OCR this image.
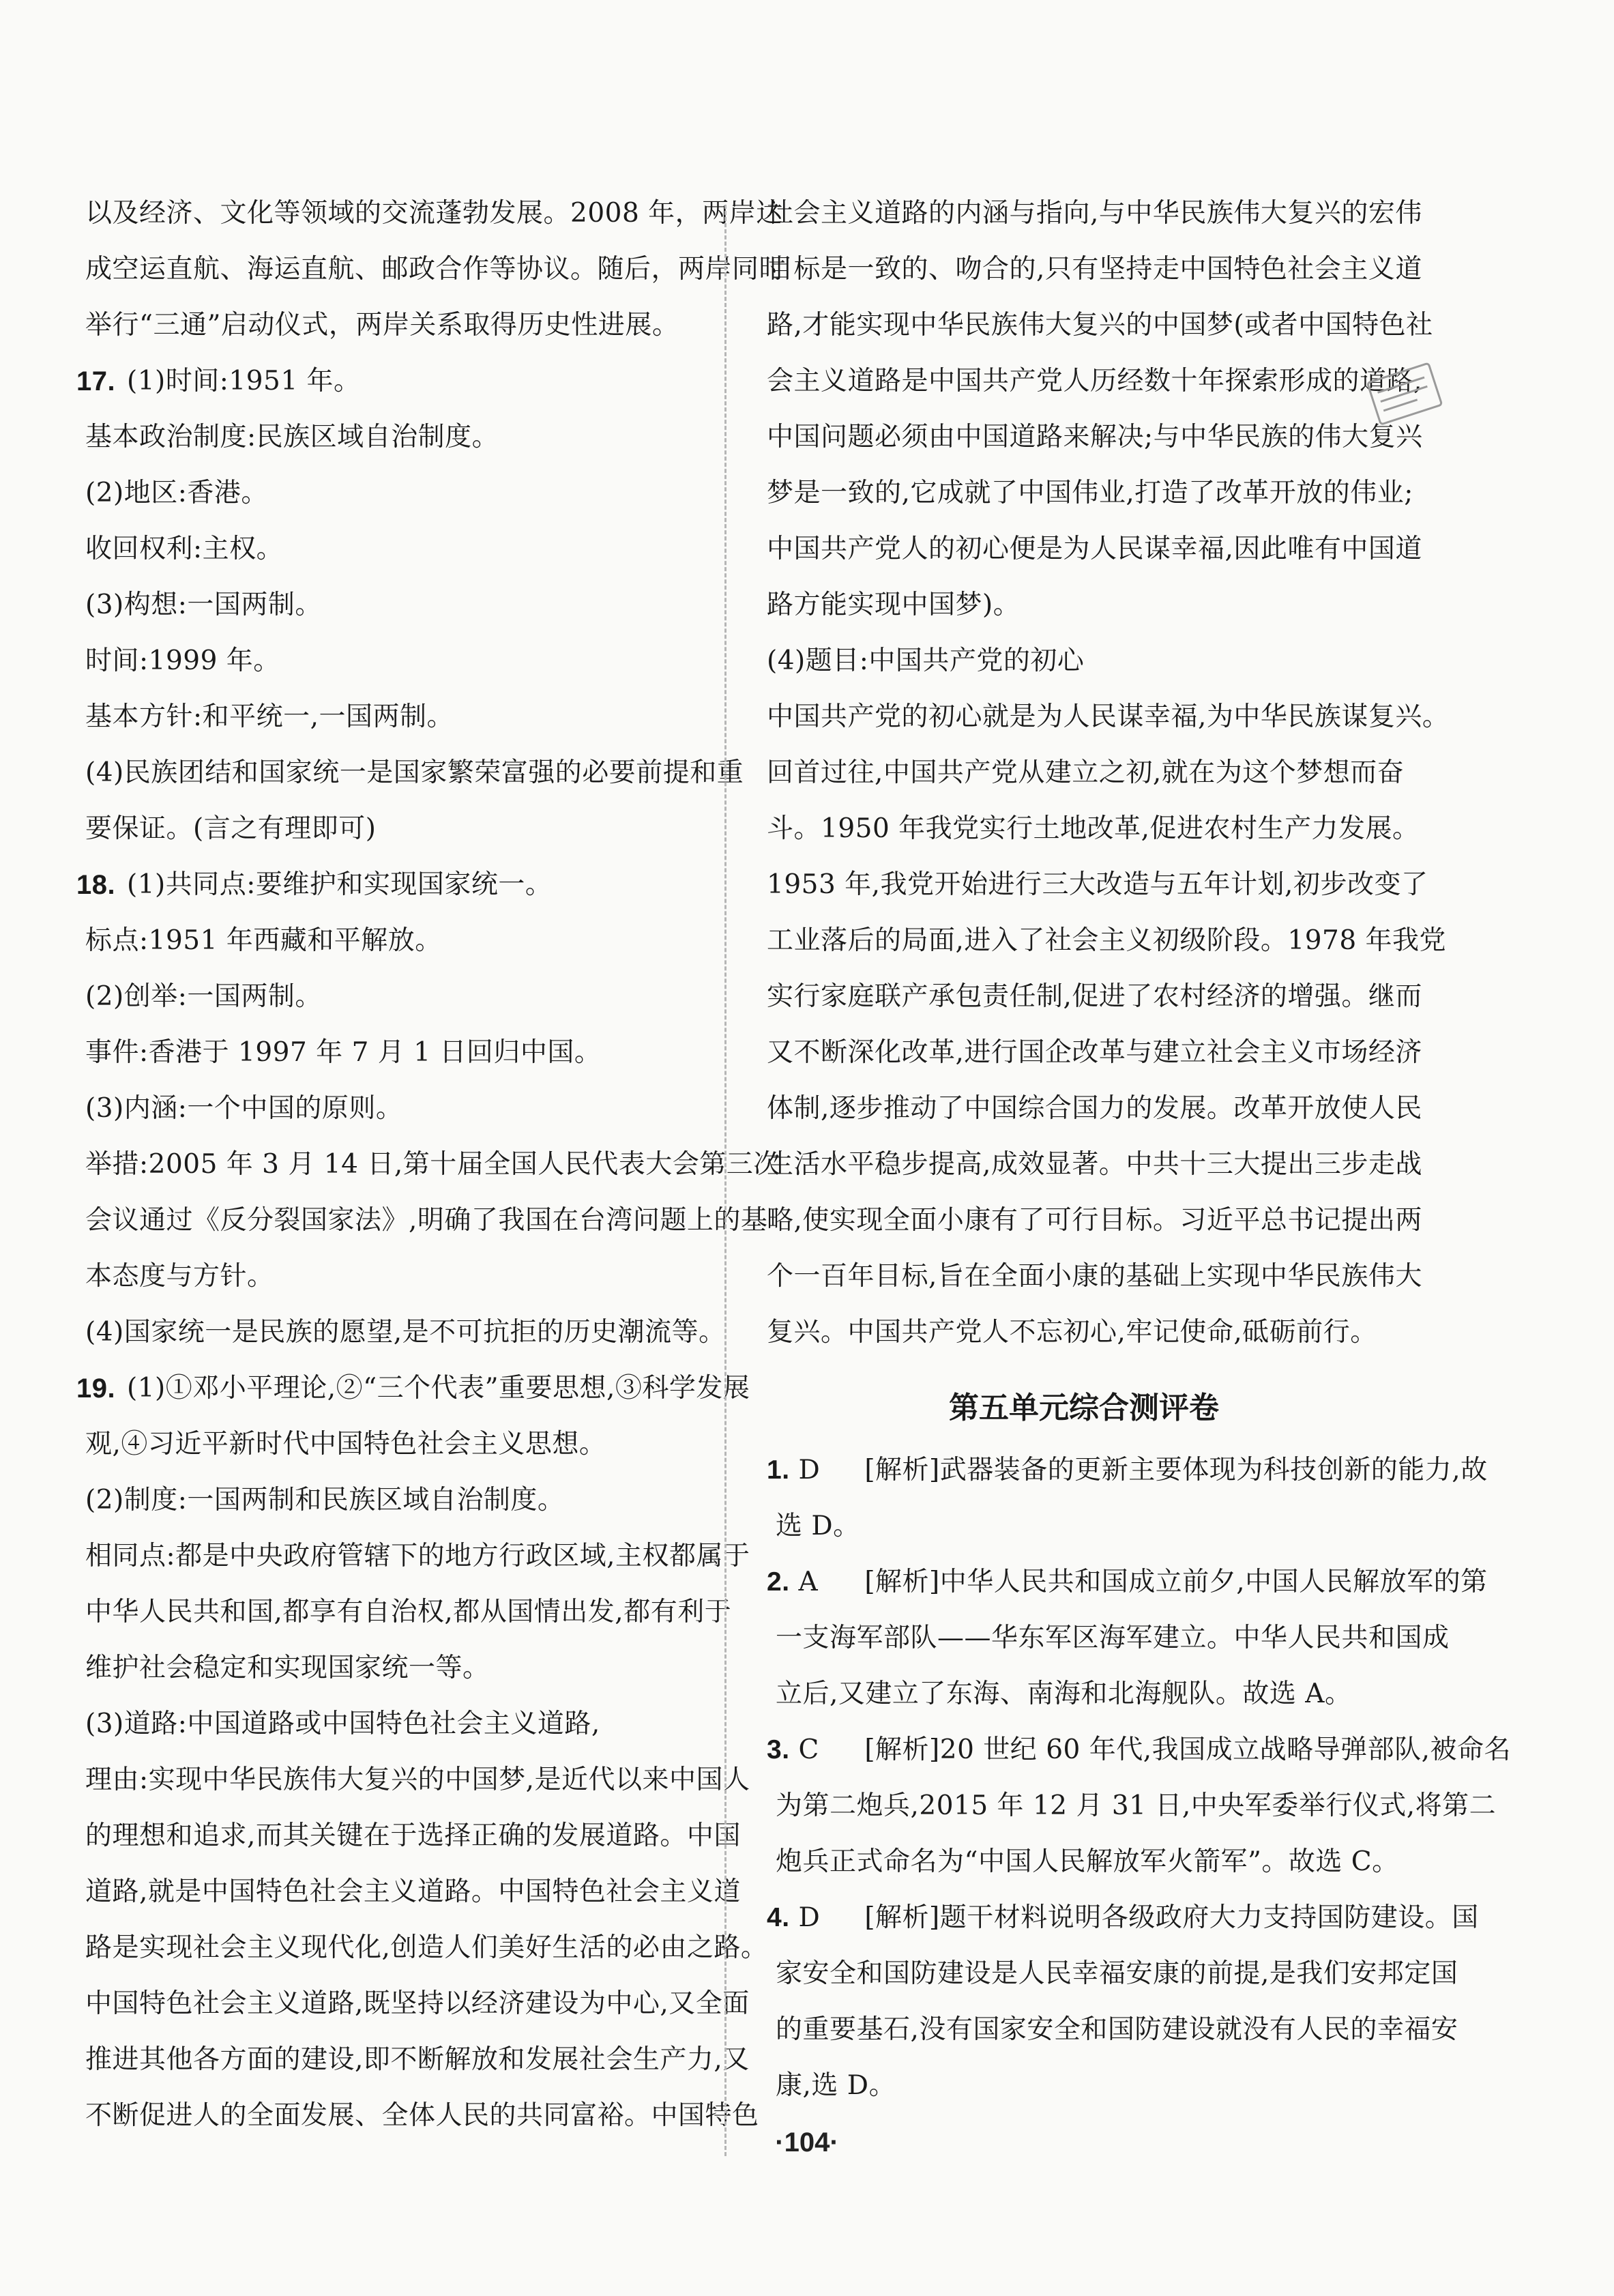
以及经济、文化等领域的交流蓬勃发展。2008 年，两岸达
成空运直航、海运直航、邮政合作等协议。随后，两岸同时
举行“三通”启动仪式，两岸关系取得历史性进展。
17. (1)时间:1951 年。
基本政治制度:民族区域自治制度。
(2)地区:香港。
收回权利:主权。
(3)构想:一国两制。
时间:1999 年。
基本方针:和平统一,一国两制。
(4)民族团结和国家统一是国家繁荣富强的必要前提和重
要保证。(言之有理即可)
18. (1)共同点:要维护和实现国家统一。
标点:1951 年西藏和平解放。
(2)创举:一国两制。
事件:香港于 1997 年 7 月 1 日回归中国。
(3)内涵:一个中国的原则。
举措:2005 年 3 月 14 日,第十届全国人民代表大会第三次
会议通过《反分裂国家法》,明确了我国在台湾问题上的基
本态度与方针。
(4)国家统一是民族的愿望,是不可抗拒的历史潮流等。
19. (1)①邓小平理论,②“三个代表”重要思想,③科学发展
观,④习近平新时代中国特色社会主义思想。
(2)制度:一国两制和民族区域自治制度。
相同点:都是中央政府管辖下的地方行政区域,主权都属于
中华人民共和国,都享有自治权,都从国情出发,都有利于
维护社会稳定和实现国家统一等。
(3)道路:中国道路或中国特色社会主义道路,
理由:实现中华民族伟大复兴的中国梦,是近代以来中国人
的理想和追求,而其关键在于选择正确的发展道路。中国
道路,就是中国特色社会主义道路。中国特色社会主义道
路是实现社会主义现代化,创造人们美好生活的必由之路。
中国特色社会主义道路,既坚持以经济建设为中心,又全面
推进其他各方面的建设,即不断解放和发展社会生产力,又
不断促进人的全面发展、全体人民的共同富裕。中国特色
社会主义道路的内涵与指向,与中华民族伟大复兴的宏伟
目标是一致的、吻合的,只有坚持走中国特色社会主义道
路,才能实现中华民族伟大复兴的中国梦(或者中国特色社
会主义道路是中国共产党人历经数十年探索形成的道路,
中国问题必须由中国道路来解决;与中华民族的伟大复兴
梦是一致的,它成就了中国伟业,打造了改革开放的伟业;
中国共产党人的初心便是为人民谋幸福,因此唯有中国道
路方能实现中国梦)。
(4)题目:中国共产党的初心
中国共产党的初心就是为人民谋幸福,为中华民族谋复兴。
回首过往,中国共产党从建立之初,就在为这个梦想而奋
斗。1950 年我党实行土地改革,促进农村生产力发展。
1953 年,我党开始进行三大改造与五年计划,初步改变了
工业落后的局面,进入了社会主义初级阶段。1978 年我党
实行家庭联产承包责任制,促进了农村经济的增强。继而
又不断深化改革,进行国企改革与建立社会主义市场经济
体制,逐步推动了中国综合国力的发展。改革开放使人民
生活水平稳步提高,成效显著。中共十三大提出三步走战
略,使实现全面小康有了可行目标。习近平总书记提出两
个一百年目标,旨在全面小康的基础上实现中华民族伟大
复兴。中国共产党人不忘初心,牢记使命,砥砺前行。
第五单元综合测评卷
1. D [解析]武器装备的更新主要体现为科技创新的能力,故
选 D。
2. A [解析]中华人民共和国成立前夕,中国人民解放军的第
一支海军部队——华东军区海军建立。中华人民共和国成
立后,又建立了东海、南海和北海舰队。故选 A。
3. C [解析]20 世纪 60 年代,我国成立战略导弹部队,被命名
为第二炮兵,2015 年 12 月 31 日,中央军委举行仪式,将第二
炮兵正式命名为“中国人民解放军火箭军”。故选 C。
4. D [解析]题干材料说明各级政府大力支持国防建设。国
家安全和国防建设是人民幸福安康的前提,是我们安邦定国
的重要基石,没有国家安全和国防建设就没有人民的幸福安
康,选 D。
·104·
